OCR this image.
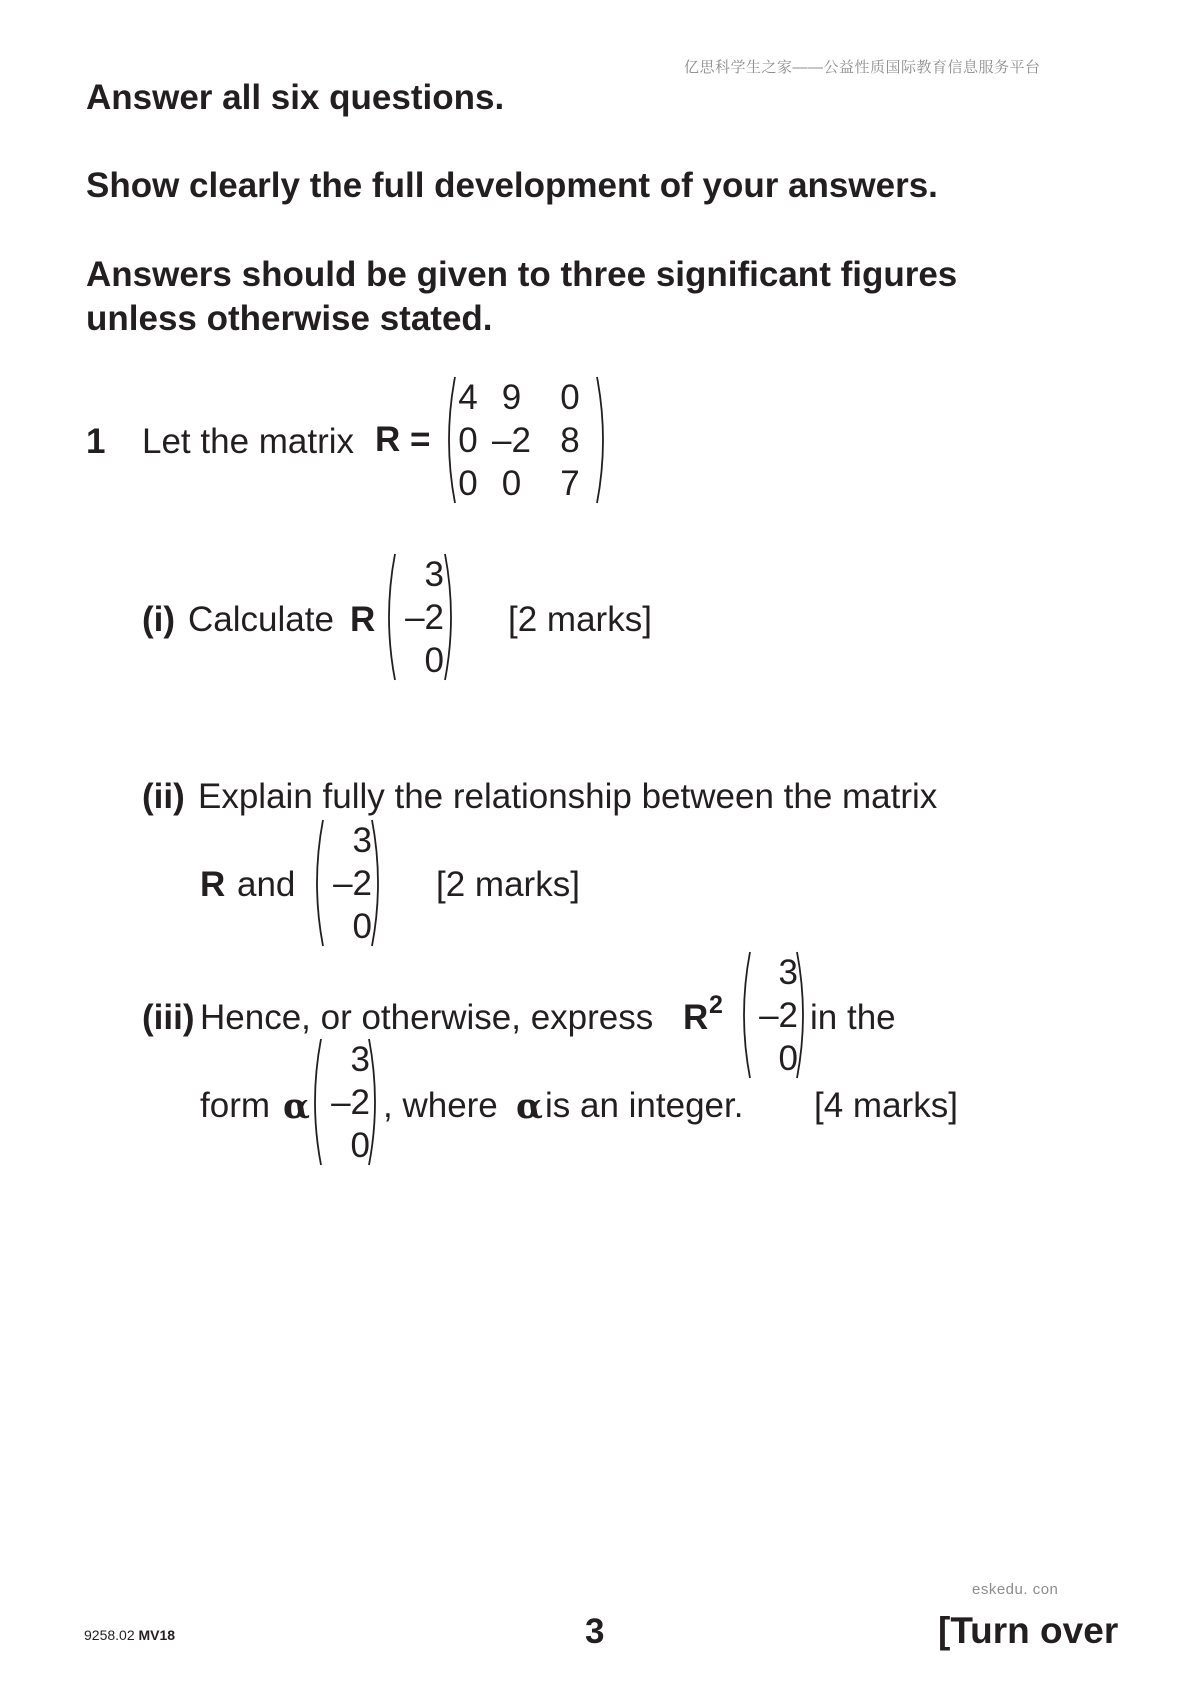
亿思科学生之家——公益性质国际教育信息服务平台
Answer all six questions.
Show clearly the full development of your answers.
Answers should be given to three significant figures
unless otherwise stated.
1 Let the matrix R =
4 9	0
0 –2 8
0 0	7
(i) Calculate R
3
–2
0
[2 marks]
(ii) Explain fully the relationship between the matrix
R and
3
–2
0
[2 marks]
(iii) Hence, or otherwise, express R 2
3
–2
0
in the
form α
3
–2
0
, where α is an integer. [4 marks]
eskedu. con
9258.02 MV18	3	[Turn over
